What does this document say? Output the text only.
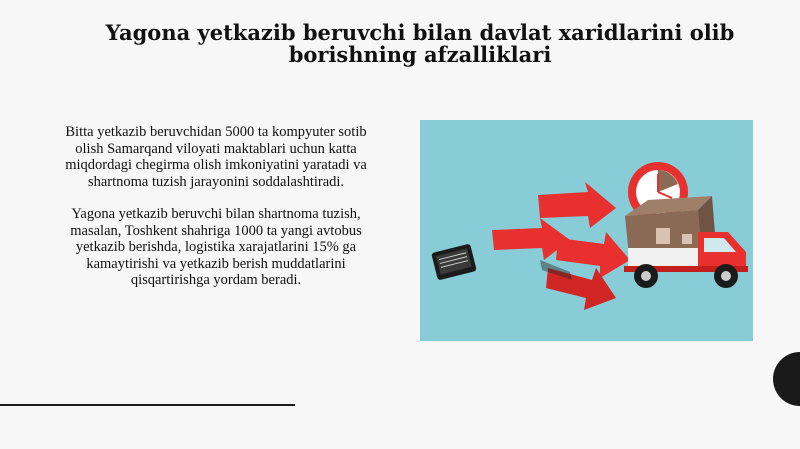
Yagona yetkazib beruvchi bilan davlat xaridlarini olib borishning afzalliklari

Bitta yetkazib beruvchidan 5000 ta kompyuter sotib olish Samarqand viloyati maktablari uchun katta miqdordagi chegirma olish imkoniyatini yaratadi va shartnoma tuzish jarayonini soddalashtiradi.

Yagona yetkazib beruvchi bilan shartnoma tuzish, masalan, Toshkent shahriga 1000 ta yangi avtobus yetkazib berishda, logistika xarajatlarini 15% ga kamaytirishi va yetkazib berish muddatlarini qisqartirishga yordam beradi.
